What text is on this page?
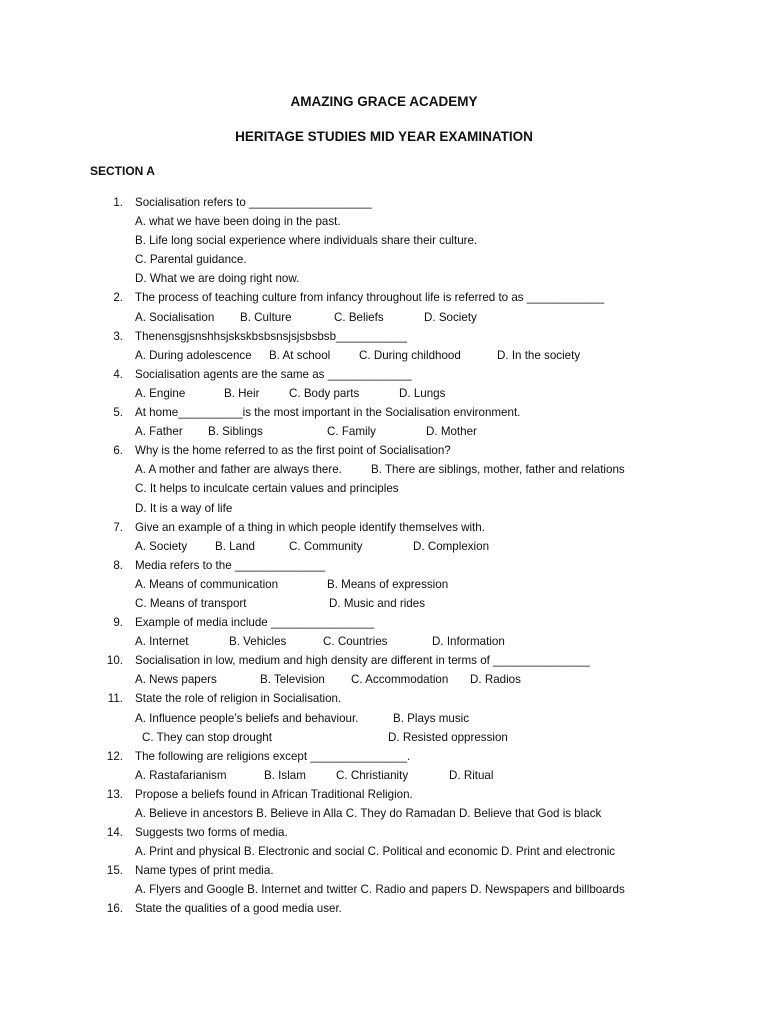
AMAZING GRACE ACADEMY
HERITAGE STUDIES MID YEAR EXAMINATION
SECTION A
1. Socialisation refers to ___________________
A. what we have been doing in the past.
B. Life long social experience where individuals share their culture.
C. Parental guidance.
D. What we are doing right now.
2. The process of teaching culture from infancy throughout life is referred to as ____________
A. Socialisation B. Culture	C. Beliefs	D. Society
3. Thenensgjsnshhsjskskbsbsnsjsjsbsbsb___________
A. During adolescence B. At school C. During childhood	D. In the society
4. Socialisation agents are the same as _____________
A. Engine	B. Heir	C. Body parts	D. Lungs
5. At home__________is the most important in the Socialisation environment.
A. Father B. Siblings	C. Family	D. Mother
6. Why is the home referred to as the first point of Socialisation?
A. A mother and father are always there.	B. There are siblings, mother, father and relations
C. It helps to inculcate certain values and principles
D. It is a way of life
7. Give an example of a thing in which people identify themselves with.
A. Society B. Land	C. Community	D. Complexion
8. Media refers to the ______________
A. Means of communication	B. Means of expression
C. Means of transport	D. Music and rides
9. Example of media include ________________
A. Internet	B. Vehicles	C. Countries	D. Information
10. Socialisation in low, medium and high density are different in terms of _______________
A. News papers	B. Television C. Accommodation D. Radios
11. State the role of religion in Socialisation.
A. Influence people’s beliefs and behaviour.	B. Plays music
C. They can stop drought	D. Resisted oppression
12. The following are religions except _______________.
A. Rastafarianism	B. Islam	C. Christianity	D. Ritual
13. Propose a beliefs found in African Traditional Religion.
A. Believe in ancestors B. Believe in Alla C. They do Ramadan D. Believe that God is black
14. Suggests two forms of media.
A. Print and physical B. Electronic and social C. Political and economic D. Print and electronic
15. Name types of print media.
A. Flyers and Google B. Internet and twitter C. Radio and papers D. Newspapers and billboards
16. State the qualities of a good media user.
